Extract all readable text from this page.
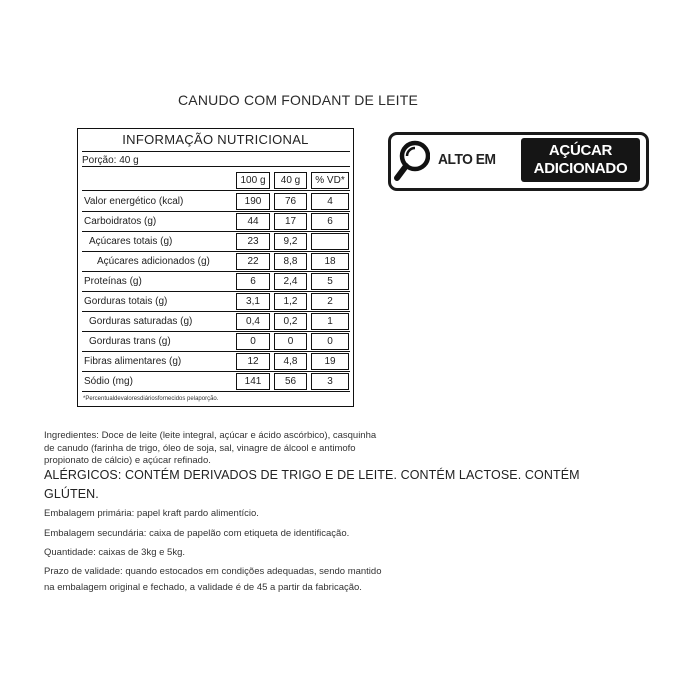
CANUDO COM FONDANT DE LEITE
INFORMAÇÃO NUTRICIONAL
Porção: 40 g
100 g	40 g	% VD*
Valor energético (kcal)	190	76	4
Carboidratos (g)	44	17	6
Açúcares totais (g)	23	9,2
Açúcares adicionados (g)	22	8,8	18
Proteínas (g)	6	2,4	5
Gorduras totais (g)	3,1	1,2	2
Gorduras saturadas (g)	0,4	0,2	1
Gorduras trans (g)	0	0	0
Fibras alimentares (g)	12	4,8	19
Sódio (mg)	141	56	3
*Percentualdevaloresdiáriosfornecidos pelaporção.
ALTO EM
AÇÚCAR
ADICIONADO
Ingredientes: Doce de leite (leite integral, açúcar e ácido ascórbico), casquinha
de canudo (farinha de trigo, óleo de soja, sal, vinagre de álcool e antimofo
propionato de cálcio) e açúcar refinado.
ALÉRGICOS: CONTÉM DERIVADOS DE TRIGO E DE LEITE. CONTÉM LACTOSE. CONTÉM
GLÚTEN.
Embalagem primária: papel kraft pardo alimentício.
Embalagem secundária: caixa de papelão com etiqueta de identificação.
Quantidade: caixas de 3kg e 5kg.
Prazo de validade: quando estocados em condições adequadas, sendo mantido
na embalagem original e fechado, a validade é de 45 a partir da fabricação.
